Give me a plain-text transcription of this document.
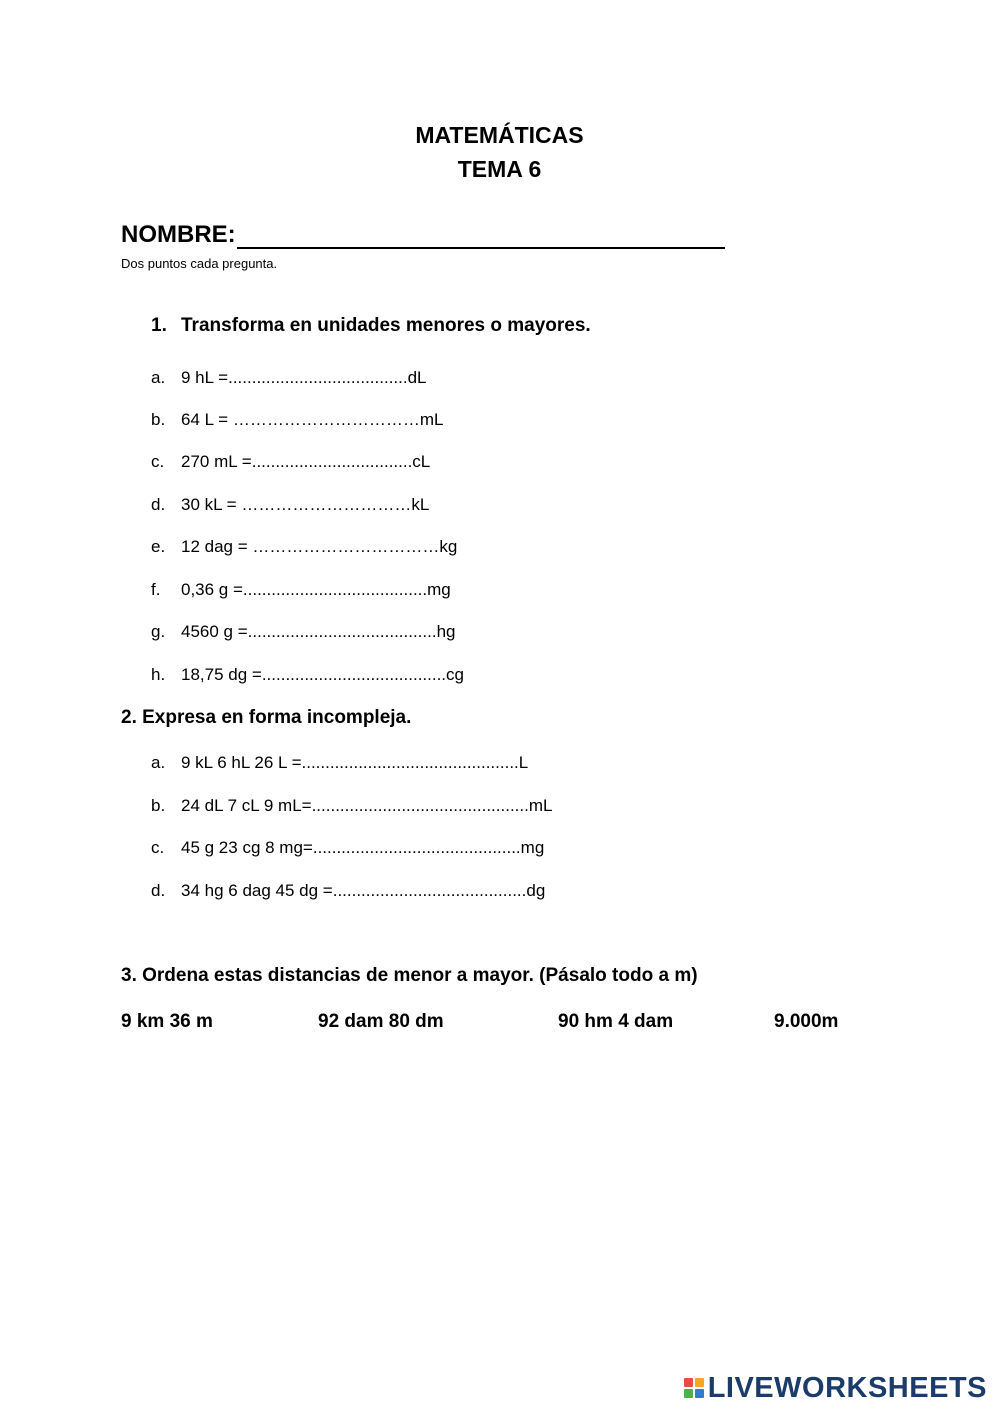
MATEMÁTICAS
TEMA 6
NOMBRE:
Dos puntos cada pregunta.
1. Transforma en unidades menores o mayores.
a. 9 hL =......................................dL
b. 64 L = ……………………………mL
c. 270 mL =..................................cL
d. 30 kL = …………………………kL
e. 12 dag = ……………………………kg
f. 0,36 g =.......................................mg
g. 4560 g =........................................hg
h. 18,75 dg =.......................................cg
2. Expresa en forma incompleja.
a. 9 kL 6 hL 26 L =..............................................L
b. 24 dL 7 cL 9 mL=..............................................mL
c. 45 g 23 cg 8 mg=............................................mg
d. 34 hg 6 dag 45 dg =.........................................dg
3. Ordena estas distancias de menor a mayor. (Pásalo todo a m)
9 km 36 m	92 dam 80 dm	90 hm 4 dam	9.000m
LIVEWORKSHEETS
